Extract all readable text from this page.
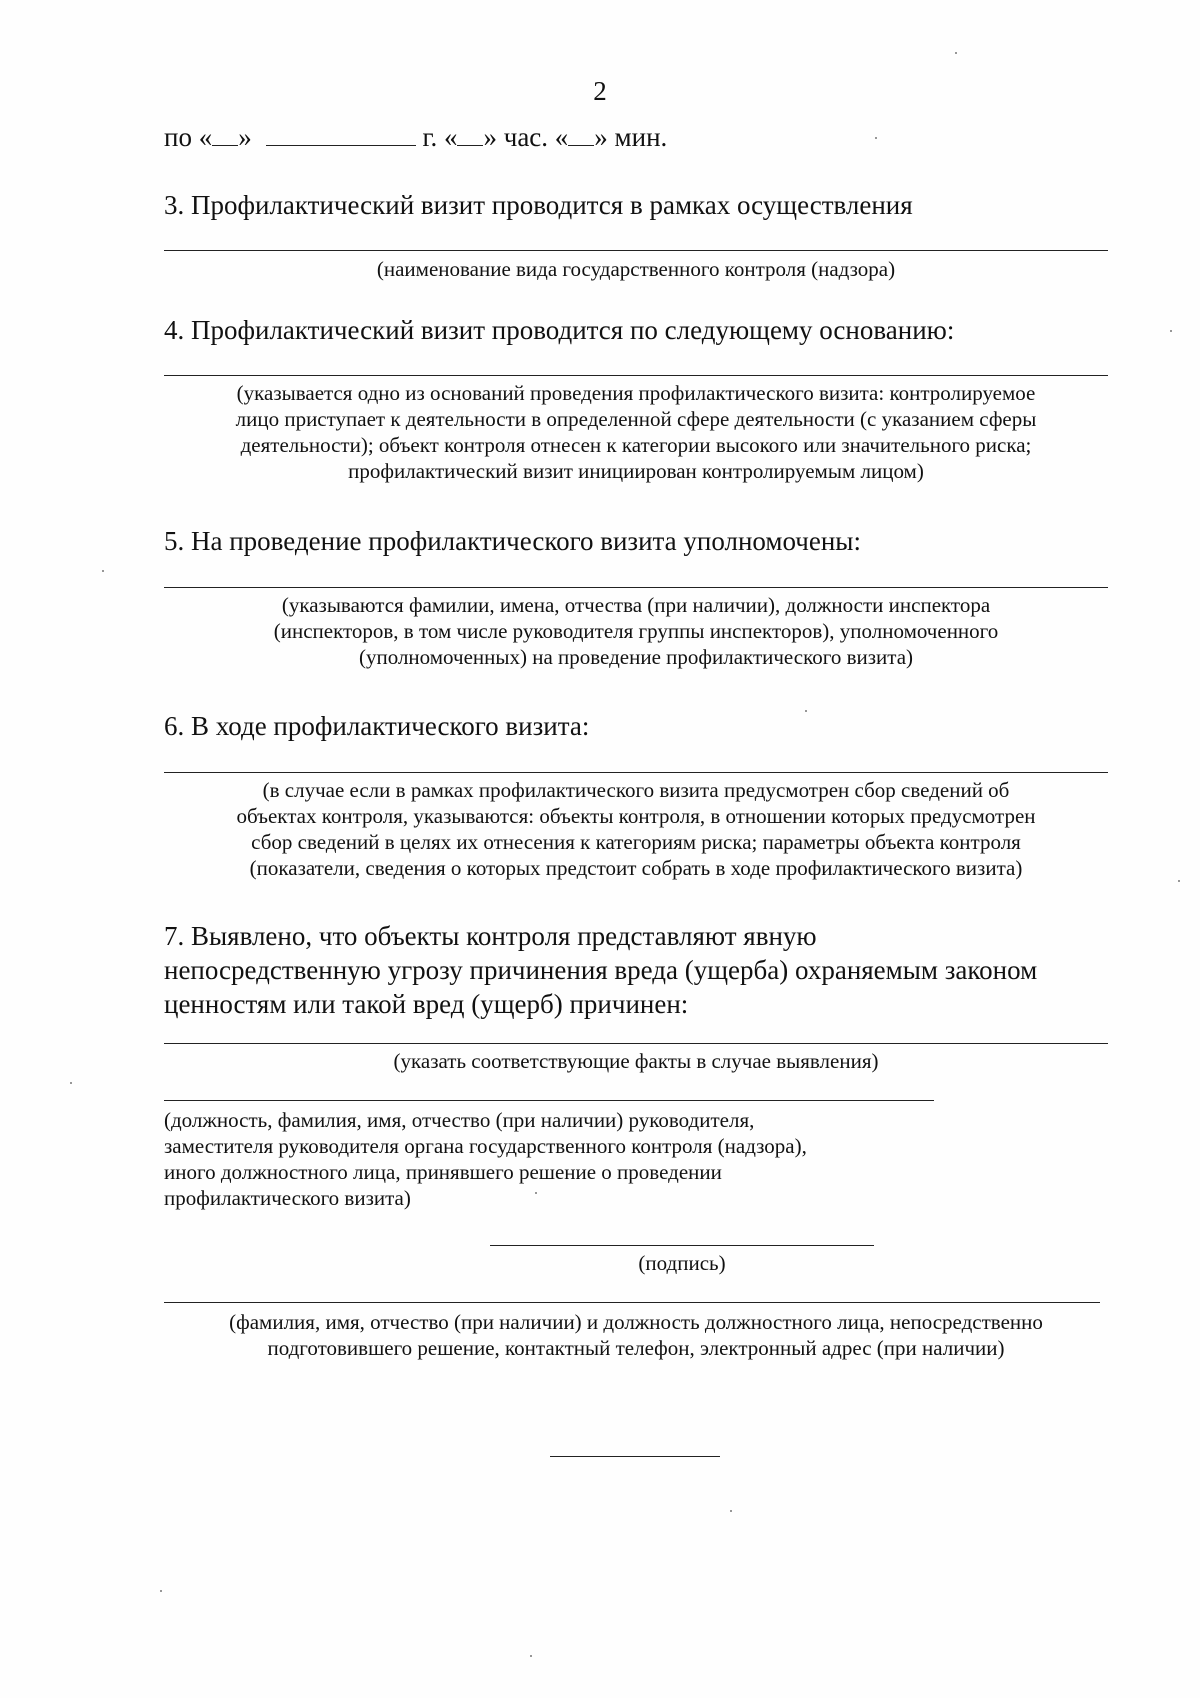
2
по « »	г. « » час. « » мин.
3. Профилактический визит проводится в рамках осуществления
(наименование вида государственного контроля (надзора)
4. Профилактический визит проводится по следующему основанию:
(указывается одно из оснований проведения профилактического визита: контролируемое
лицо приступает к деятельности в определенной сфере деятельности (с указанием сферы
деятельности); объект контроля отнесен к категории высокого или значительного риска;
профилактический визит инициирован контролируемым лицом)
5. На проведение профилактического визита уполномочены:
(указываются фамилии, имена, отчества (при наличии), должности инспектора
(инспекторов, в том числе руководителя группы инспекторов), уполномоченного
(уполномоченных) на проведение профилактического визита)
6. В ходе профилактического визита:
(в случае если в рамках профилактического визита предусмотрен сбор сведений об
объектах контроля, указываются: объекты контроля, в отношении которых предусмотрен
сбор сведений в целях их отнесения к категориям риска; параметры объекта контроля
(показатели, сведения о которых предстоит собрать в ходе профилактического визита)
7. Выявлено, что объекты контроля представляют явную
непосредственную угрозу причинения вреда (ущерба) охраняемым законом
ценностям или такой вред (ущерб) причинен:
(указать соответствующие факты в случае выявления)
(должность, фамилия, имя, отчество (при наличии) руководителя,
заместителя руководителя органа государственного контроля (надзора),
иного должностного лица, принявшего решение о проведении
профилактического визита)
(подпись)
(фамилия, имя, отчество (при наличии) и должность должностного лица, непосредственно
подготовившего решение, контактный телефон, электронный адрес (при наличии)
